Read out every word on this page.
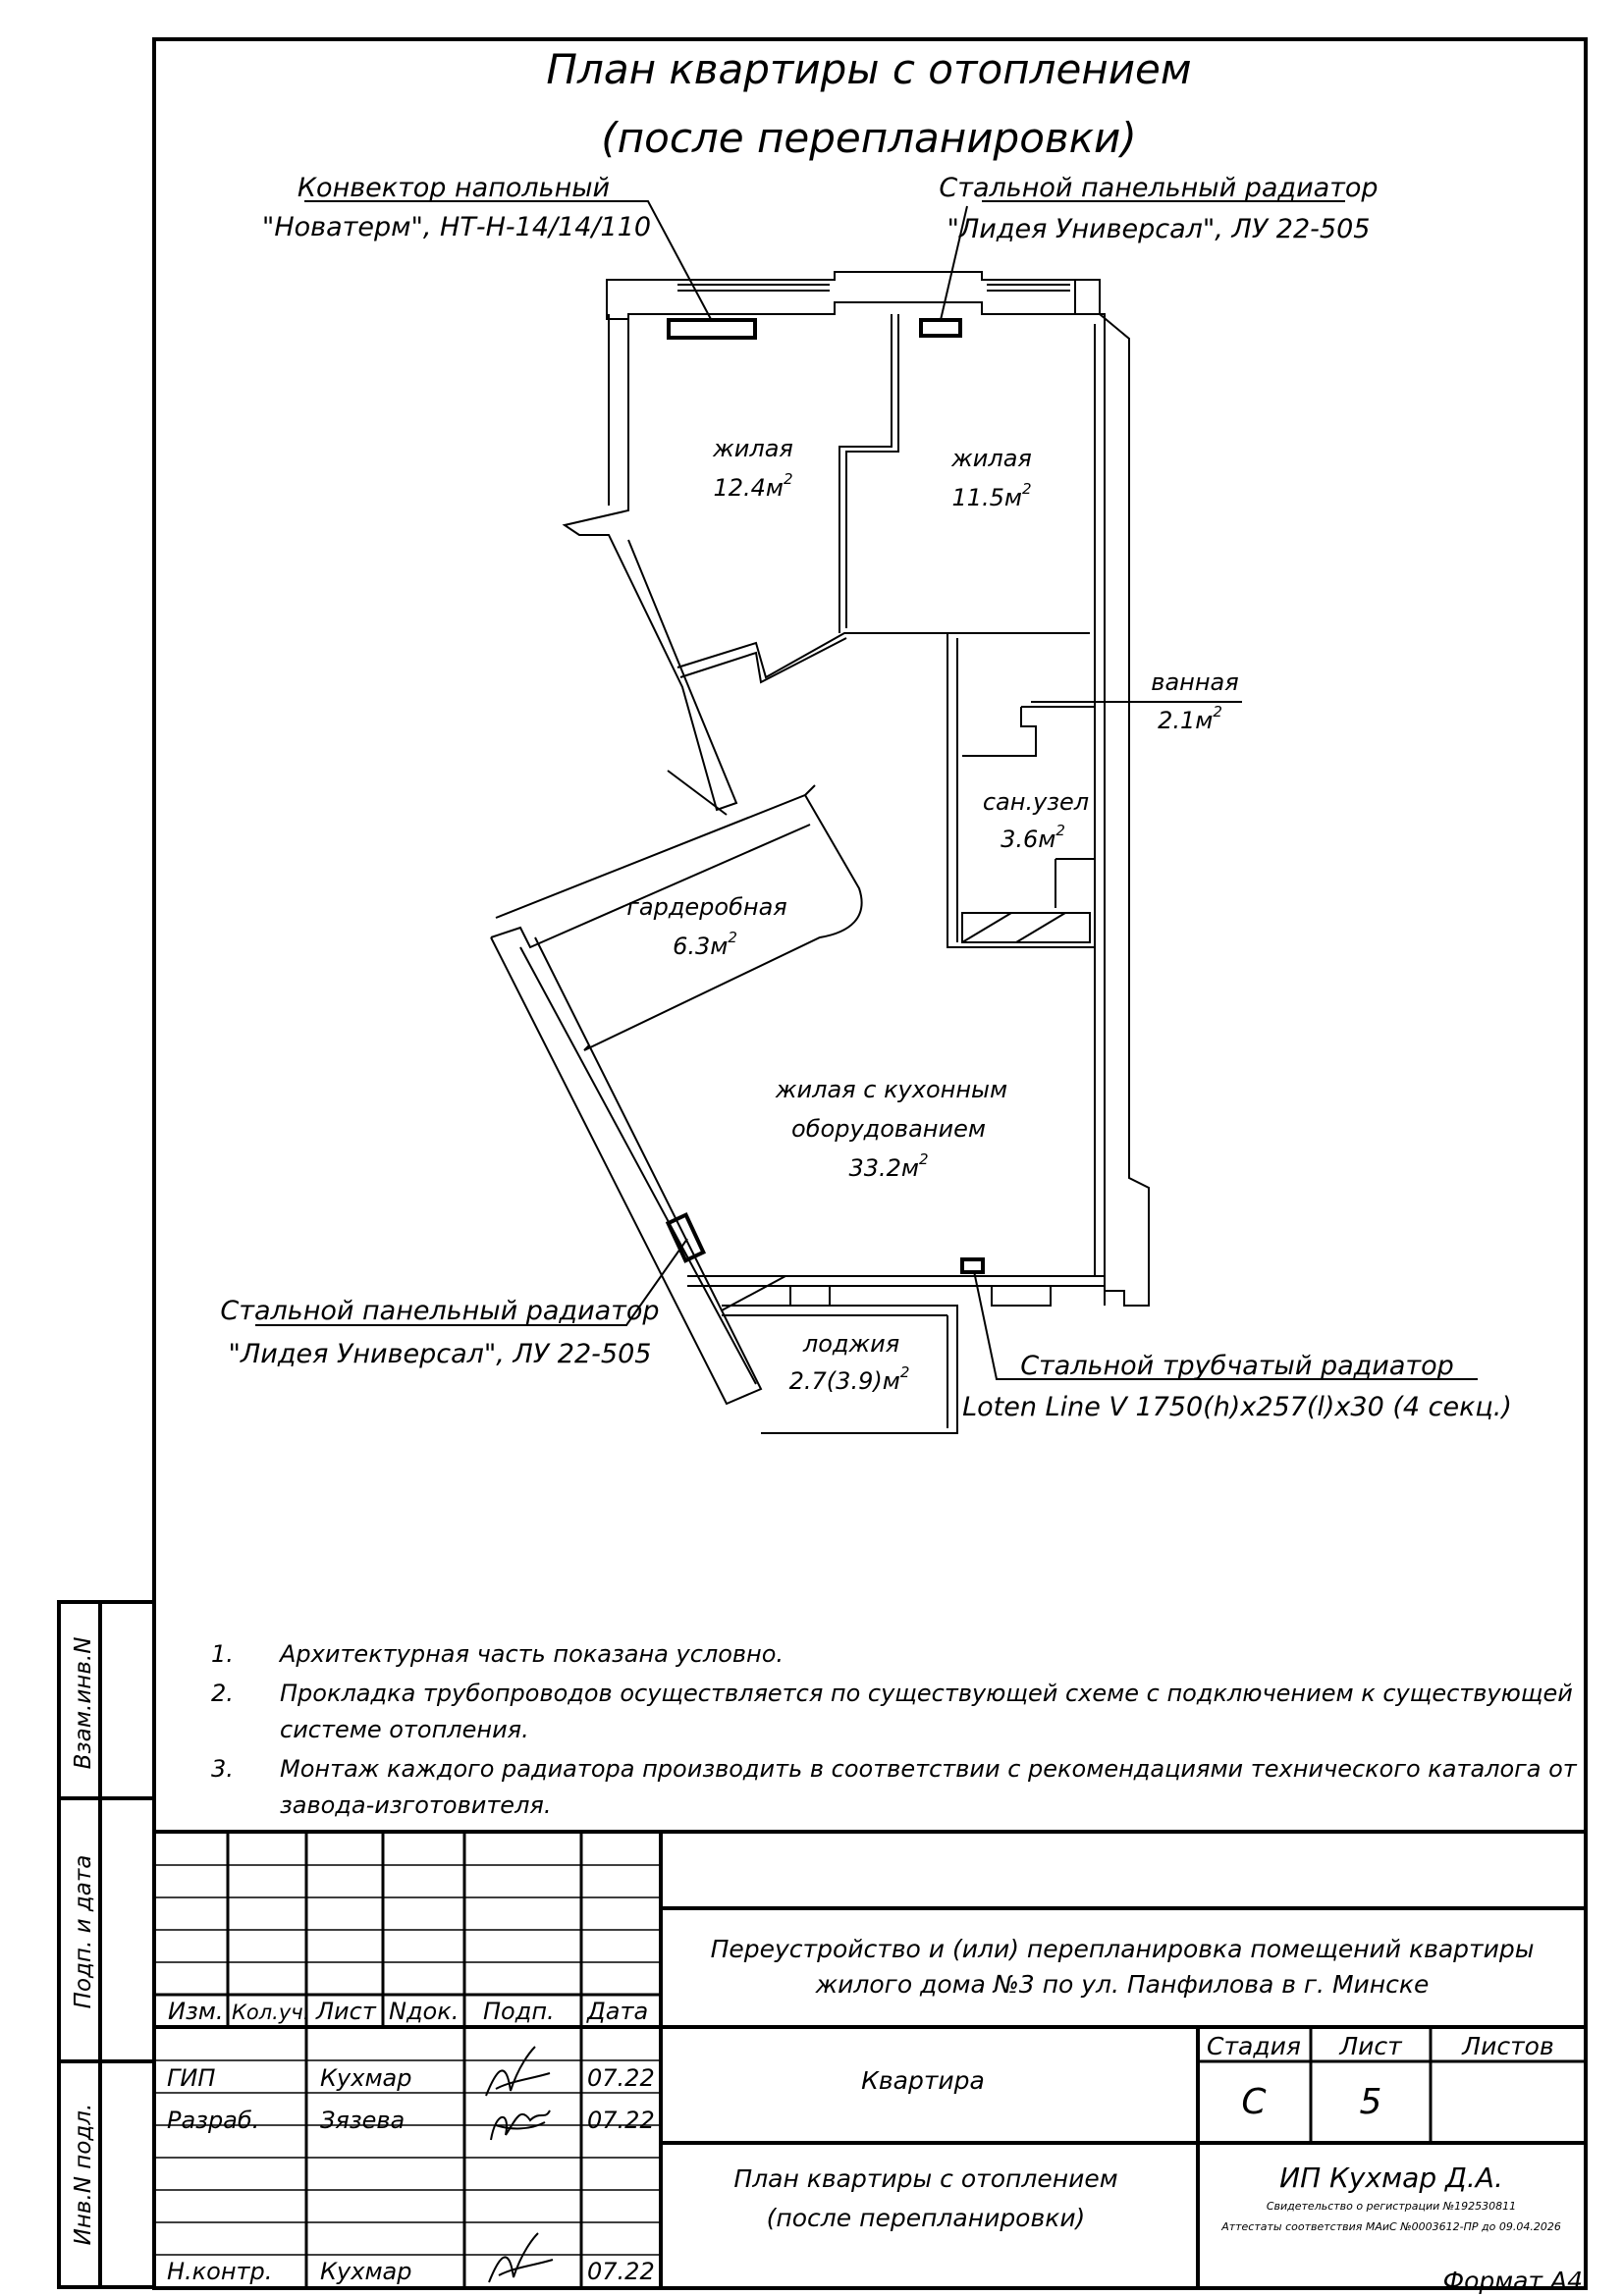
План квартиры с отоплением
(после перепланировки)
Конвектор напольный
"Новатерм", НТ-Н-14/14/110
Стальной панельный радиатор
"Лидея Универсал", ЛУ 22-505
Стальной панельный радиатор
"Лидея Универсал", ЛУ 22-505	Стальной трубчатый радиатор
Loten Line V 1750(h)x257(l)x30 (4 секц.)
жилая
$12.4м^2$
жилая
$11.5м^2$
ванная
$2.1м^2$
сан.узел
$3.6м^2$
гардеробная
$6.3м^2$
жилая с кухонным
оборудованием
$33.2м^2$
лоджия
$2.7(3.9)м^2$
1. Архитектурная часть показана условно.
2. Прокладка трубопроводов осуществляется по существующей схеме с подключением к существующей
системе отопления.
3. Монтаж каждого радиатора производить в соответствии с рекомендациями технического каталога от
завода-изготовителя.
Взам.инв.N
Подп. и дата
Инв.N подл.
Изм. Кол.уч. Лист Nдок. Подп. Дата
ГИП	Кухмар	07.22
Разраб.	Зязева	07.22
Н.контр. Кухмар	07.22
Переустройство и (или) перепланировка помещений квартиры
жилого дома №3 по ул. Панфилова в г. Минске
Квартира
План квартиры с отоплением
(после перепланировки)
Стадия Лист Листов
С	5
ИП Кухмар Д.А.
Свидетельство о регистрации №192530811
Аттестаты соответствия МАиС №0003612-ПР до 09.04.2026
Формат А4
